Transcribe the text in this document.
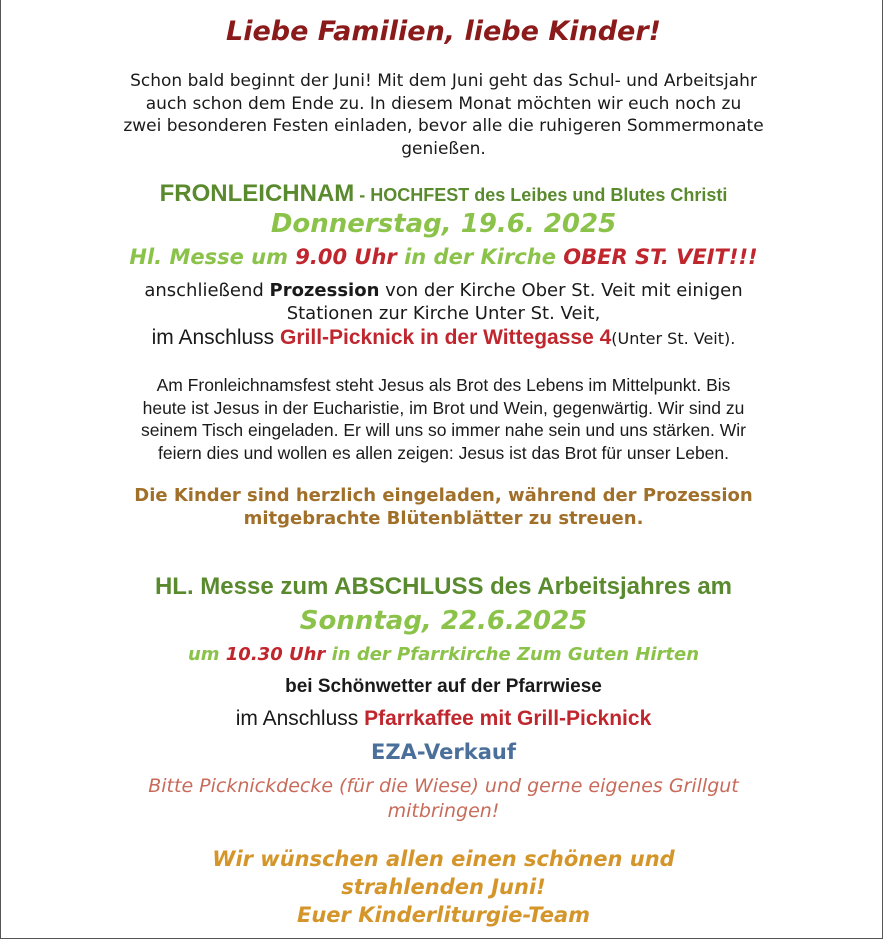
Liebe Familien, liebe Kinder!
Schon bald beginnt der Juni! Mit dem Juni geht das Schul- und Arbeitsjahr
auch schon dem Ende zu. In diesem Monat möchten wir euch noch zu
zwei besonderen Festen einladen, bevor alle die ruhigeren Sommermonate
genießen.
FRONLEICHNAM - HOCHFEST des Leibes und Blutes Christi
Donnerstag, 19.6. 2025
Hl. Messe um 9.00 Uhr in der Kirche OBER ST. VEIT!!!
anschließend Prozession von der Kirche Ober St. Veit mit einigen
Stationen zur Kirche Unter St. Veit,
im Anschluss Grill-Picknick in der Wittegasse 4(Unter St. Veit).
Am Fronleichnamsfest steht Jesus als Brot des Lebens im Mittelpunkt. Bis
heute ist Jesus in der Eucharistie, im Brot und Wein, gegenwärtig. Wir sind zu
seinem Tisch eingeladen. Er will uns so immer nahe sein und uns stärken. Wir
feiern dies und wollen es allen zeigen: Jesus ist das Brot für unser Leben.
Die Kinder sind herzlich eingeladen, während der Prozession
mitgebrachte Blütenblätter zu streuen.
HL. Messe zum ABSCHLUSS des Arbeitsjahres am
Sonntag, 22.6.2025
um 10.30 Uhr in der Pfarrkirche Zum Guten Hirten
bei Schönwetter auf der Pfarrwiese
im Anschluss Pfarrkaffee mit Grill-Picknick
EZA-Verkauf
Bitte Picknickdecke (für die Wiese) und gerne eigenes Grillgut
mitbringen!
Wir wünschen allen einen schönen und
strahlenden Juni!
Euer Kinderliturgie-Team
